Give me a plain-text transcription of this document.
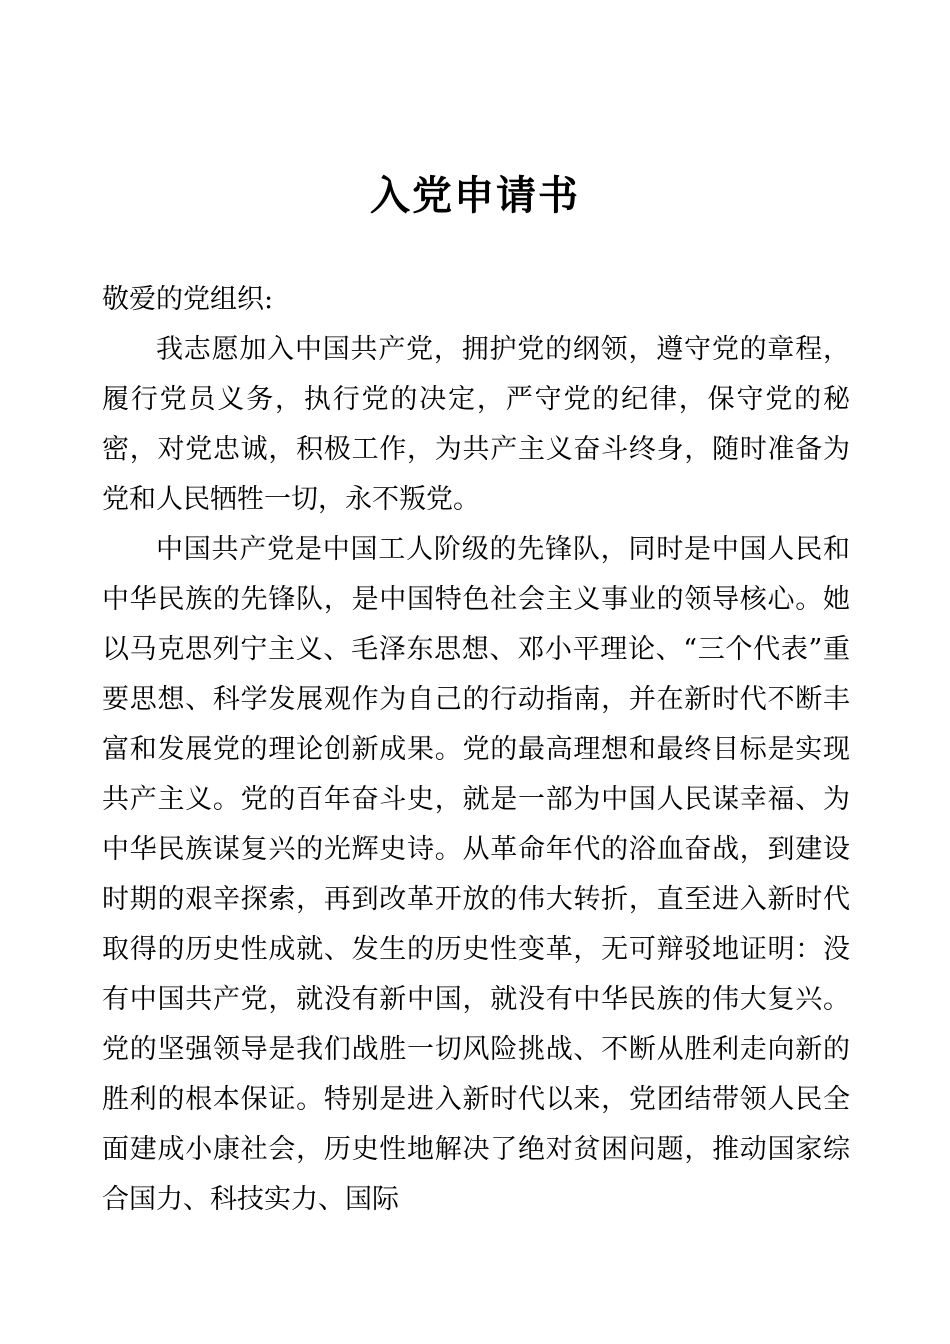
入党申请书

敬爱的党组织:

我志愿加入中国共产党，拥护党的纲领，遵守党的章程，履行党员义务，执行党的决定，严守党的纪律，保守党的秘密，对党忠诚，积极工作，为共产主义奋斗终身，随时准备为党和人民牺牲一切，永不叛党。

中国共产党是中国工人阶级的先锋队，同时是中国人民和中华民族的先锋队，是中国特色社会主义事业的领导核心。她以马克思列宁主义、毛泽东思想、邓小平理论、“三个代表”重要思想、科学发展观作为自己的行动指南，并在新时代不断丰富和发展党的理论创新成果。党的最高理想和最终目标是实现共产主义。党的百年奋斗史，就是一部为中国人民谋幸福、为中华民族谋复兴的光辉史诗。从革命年代的浴血奋战，到建设时期的艰辛探索，再到改革开放的伟大转折，直至进入新时代取得的历史性成就、发生的历史性变革，无可辩驳地证明：没有中国共产党，就没有新中国，就没有中华民族的伟大复兴。党的坚强领导是我们战胜一切风险挑战、不断从胜利走向新的胜利的根本保证。特别是进入新时代以来，党团结带领人民全面建成小康社会，历史性地解决了绝对贫困问题，推动国家综合国力、科技实力、国际
